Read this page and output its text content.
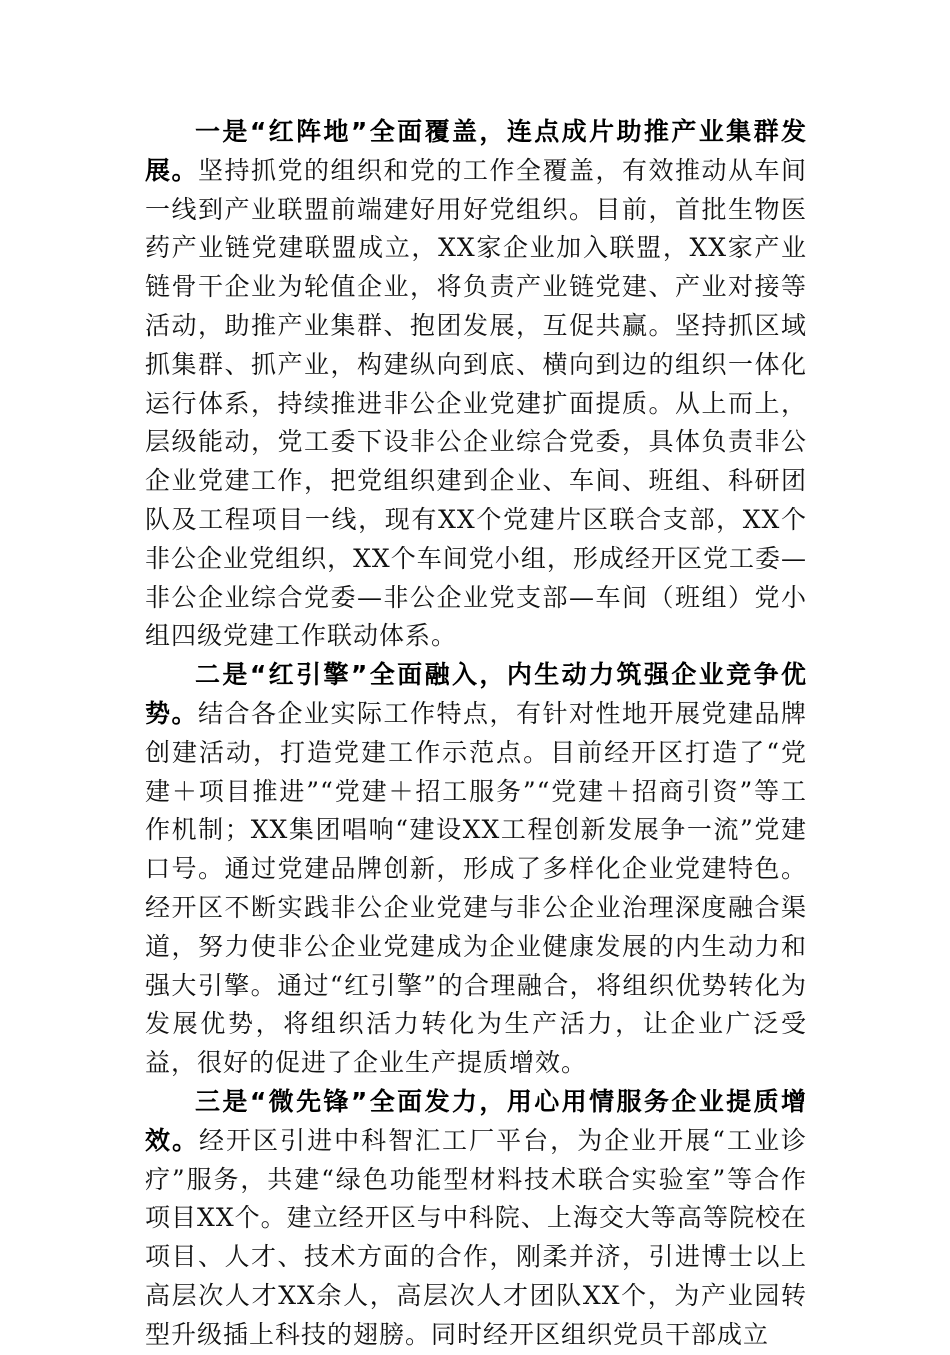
一是“红阵地”全面覆盖，连点成片助推产业集群发展。坚持抓党的组织和党的工作全覆盖，有效推动从车间一线到产业联盟前端建好用好党组织。目前，首批生物医药产业链党建联盟成立，XX家企业加入联盟，XX家产业链骨干企业为轮值企业，将负责产业链党建、产业对接等活动，助推产业集群、抱团发展，互促共赢。坚持抓区域抓集群、抓产业，构建纵向到底、横向到边的组织一体化运行体系，持续推进非公企业党建扩面提质。从上而上，层级能动，党工委下设非公企业综合党委，具体负责非公企业党建工作，把党组织建到企业、车间、班组、科研团队及工程项目一线，现有XX个党建片区联合支部，XX个非公企业党组织，XX个车间党小组，形成经开区党工委—非公企业综合党委—非公企业党支部—车间（班组）党小组四级党建工作联动体系。

二是“红引擎”全面融入，内生动力筑强企业竞争优势。结合各企业实际工作特点，有针对性地开展党建品牌创建活动，打造党建工作示范点。目前经开区打造了“党建＋项目推进”“党建＋招工服务”“党建＋招商引资”等工作机制；XX集团唱响“建设XX工程创新发展争一流”党建口号。通过党建品牌创新，形成了多样化企业党建特色。经开区不断实践非公企业党建与非公企业治理深度融合渠道，努力使非公企业党建成为企业健康发展的内生动力和强大引擎。通过“红引擎”的合理融合，将组织优势转化为发展优势，将组织活力转化为生产活力，让企业广泛受益，很好的促进了企业生产提质增效。

三是“微先锋”全面发力，用心用情服务企业提质增效。经开区引进中科智汇工厂平台，为企业开展“工业诊疗”服务，共建“绿色功能型材料技术联合实验室”等合作项目XX个。建立经开区与中科院、上海交大等高等院校在项目、人才、技术方面的合作，刚柔并济，引进博士以上高层次人才XX余人，高层次人才团队XX个，为产业园转型升级插上科技的翅膀。同时经开区组织党员干部成立
